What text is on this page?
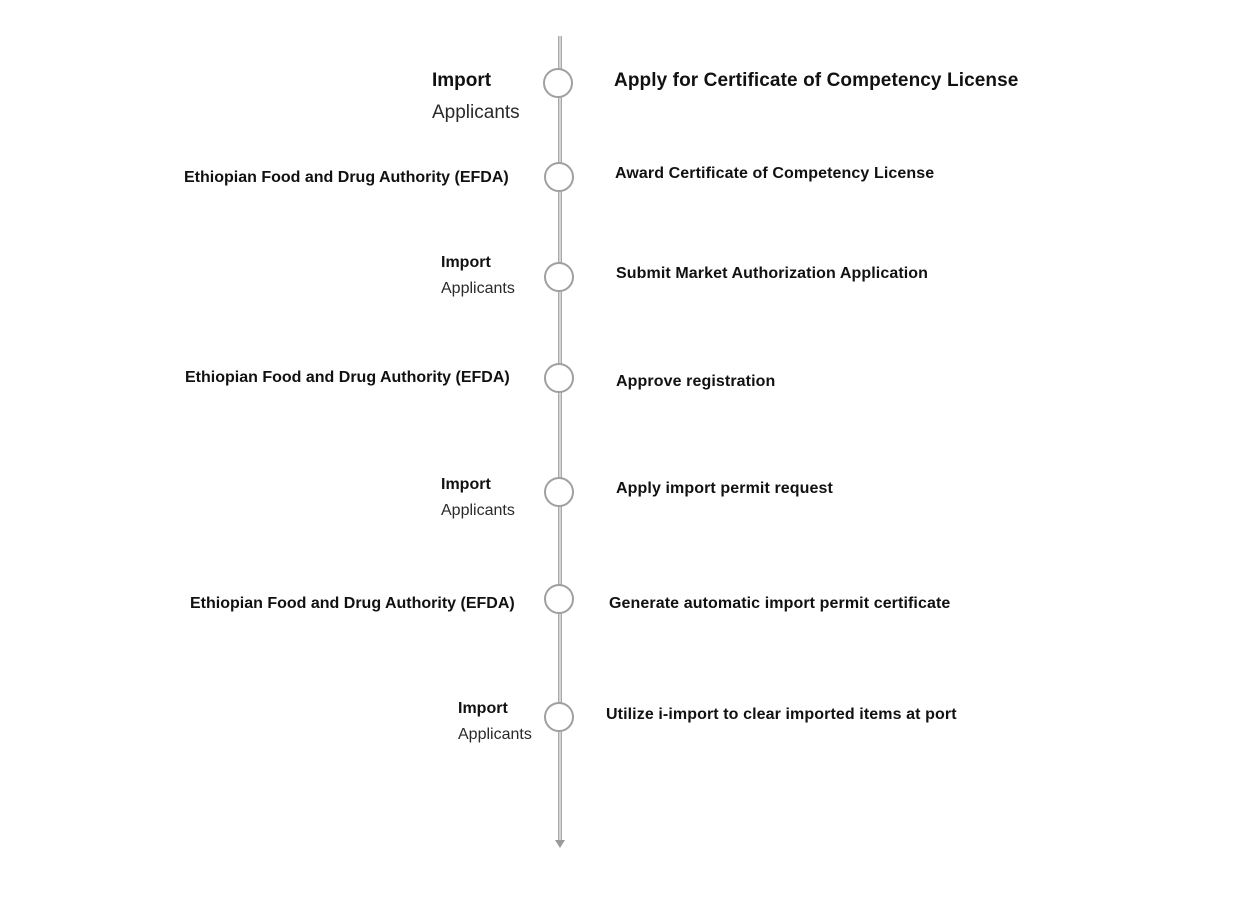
Import
Applicants
Apply for Certificate of Competency License
Ethiopian Food and Drug Authority (EFDA)	Award Certificate of Competency License
Import
Applicants
Submit Market Authorization Application
Ethiopian Food and Drug Authority (EFDA)	Approve registration
Import
Applicants
Apply import permit request
Ethiopian Food and Drug Authority (EFDA)	Generate automatic import permit certificate
Import
Applicants
Utilize i-import to clear imported items at port
